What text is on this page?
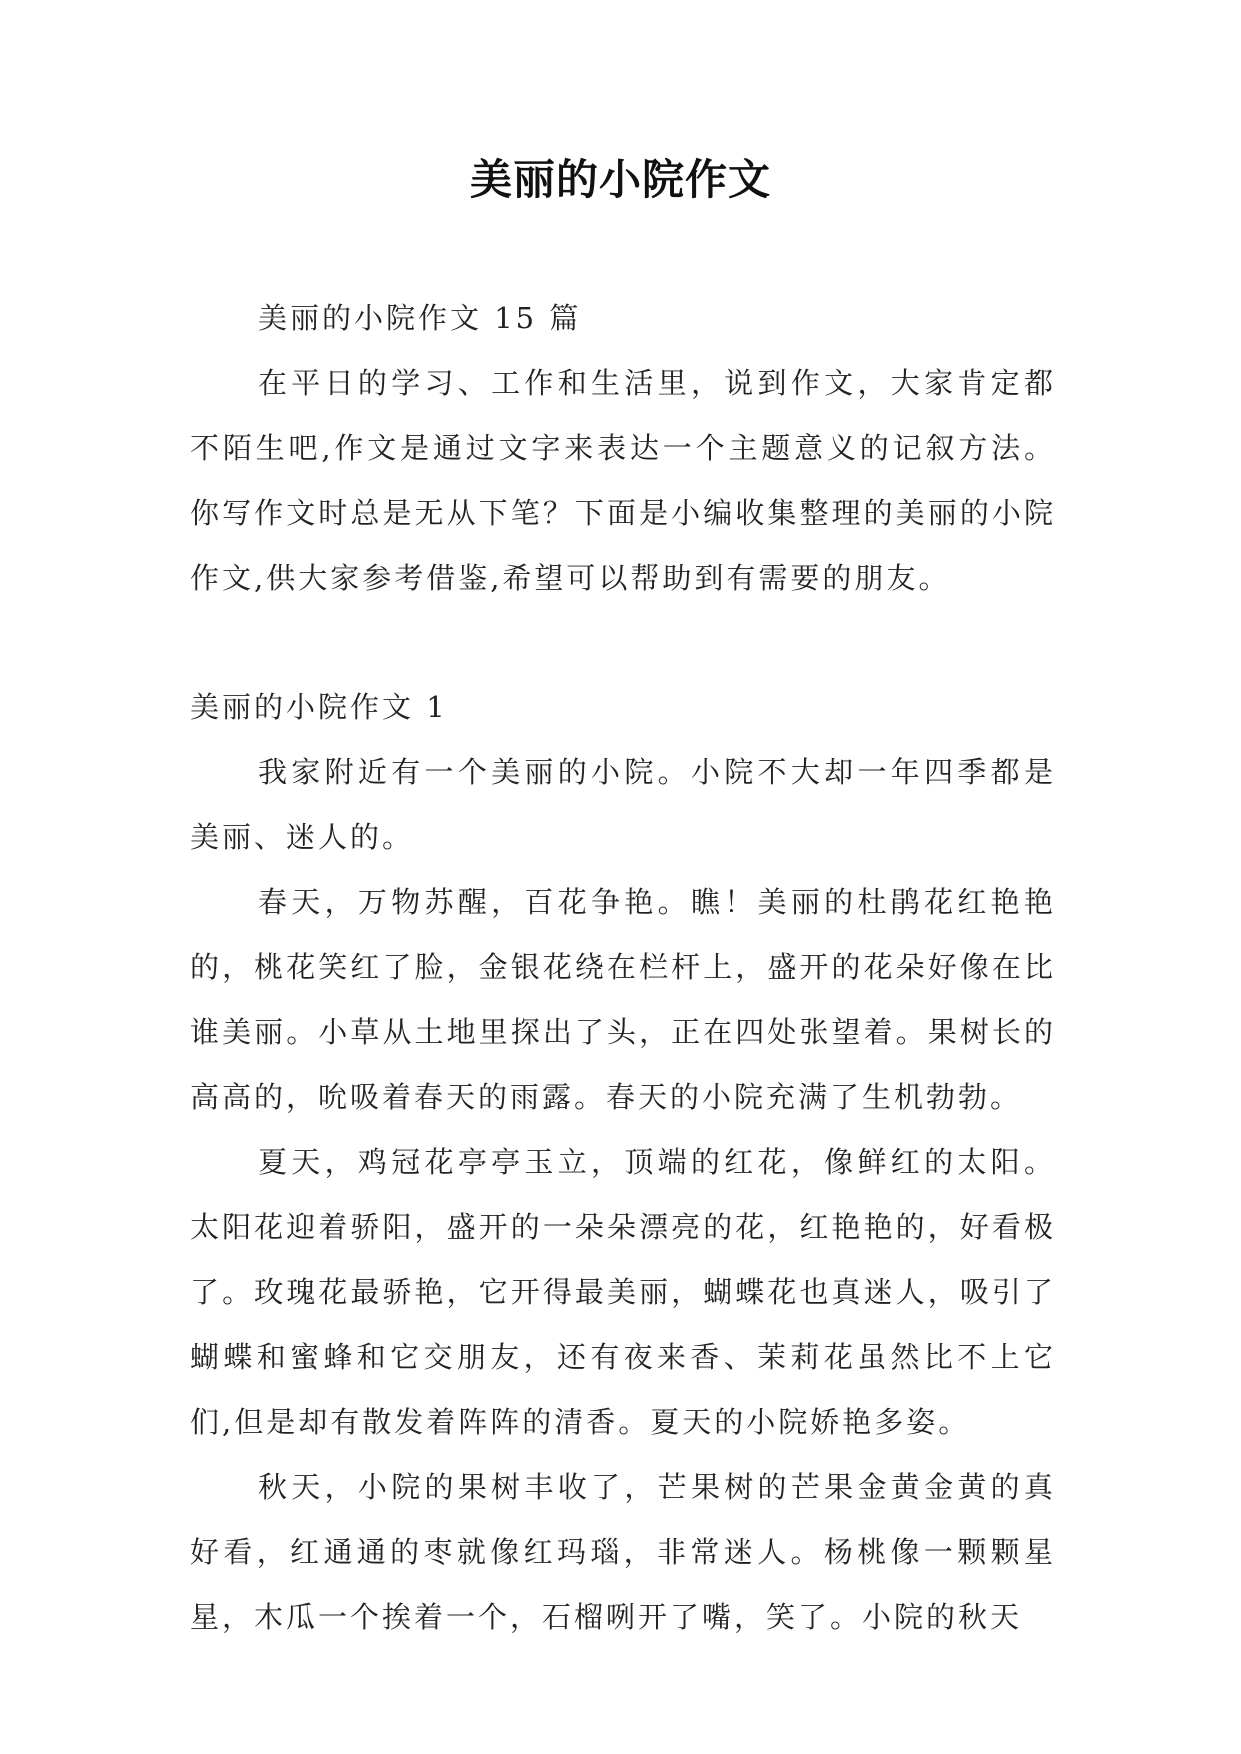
美丽的小院作文

美丽的小院作文 15 篇

在平日的学习、工作和生活里，说到作文，大家肯定都不陌生吧,作文是通过文字来表达一个主题意义的记叙方法。你写作文时总是无从下笔？下面是小编收集整理的美丽的小院作文,供大家参考借鉴,希望可以帮助到有需要的朋友。

美丽的小院作文 1

我家附近有一个美丽的小院。小院不大却一年四季都是美丽、迷人的。

春天，万物苏醒，百花争艳。瞧！美丽的杜鹃花红艳艳的，桃花笑红了脸，金银花绕在栏杆上，盛开的花朵好像在比谁美丽。小草从土地里探出了头，正在四处张望着。果树长的高高的，吮吸着春天的雨露。春天的小院充满了生机勃勃。

夏天，鸡冠花亭亭玉立，顶端的红花，像鲜红的太阳。太阳花迎着骄阳，盛开的一朵朵漂亮的花，红艳艳的，好看极了。玫瑰花最骄艳，它开得最美丽，蝴蝶花也真迷人，吸引了蝴蝶和蜜蜂和它交朋友，还有夜来香、茉莉花虽然比不上它们,但是却有散发着阵阵的清香。夏天的小院娇艳多姿。

秋天，小院的果树丰收了，芒果树的芒果金黄金黄的真好看，红通通的枣就像红玛瑙，非常迷人。杨桃像一颗颗星星，木瓜一个挨着一个，石榴咧开了嘴，笑了。小院的秋天
